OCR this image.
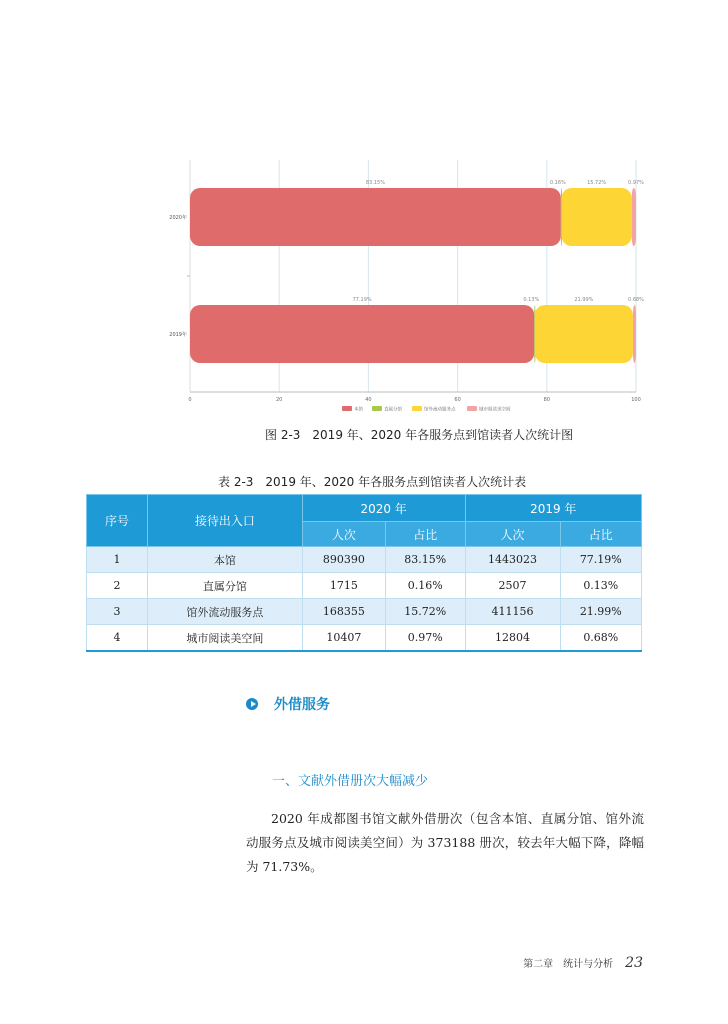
0	20	40	60	80	100
2020年
83.15%	0.16%	15.72%	0.97%
2019年
77.19%	0.13%	21.99%	0.68%
本馆	直属分馆	馆外流动服务点	城市阅读美空间
图 2-3　2019 年、2020 年各服务点到馆读者人次统计图
表 2-3　2019 年、2020 年各服务点到馆读者人次统计表
序号	接待出入口	2020 年		2019 年	
		人次	占比	人次	占比
1	本馆	890390	83.15%	1443023	77.19%
2	直属分馆	1715	0.16%	2507	0.13%
3	馆外流动服务点	168355	15.72%	411156	21.99%
4	城市阅读美空间	10407	0.97%	12804	0.68%
外借服务
一、文献外借册次大幅减少

2020 年成都图书馆文献外借册次（包含本馆、直属分馆、馆外流动服务点及城市阅读美空间）为 373188 册次，较去年大幅下降，降幅为 71.73%。

第二章　统计与分析 23
